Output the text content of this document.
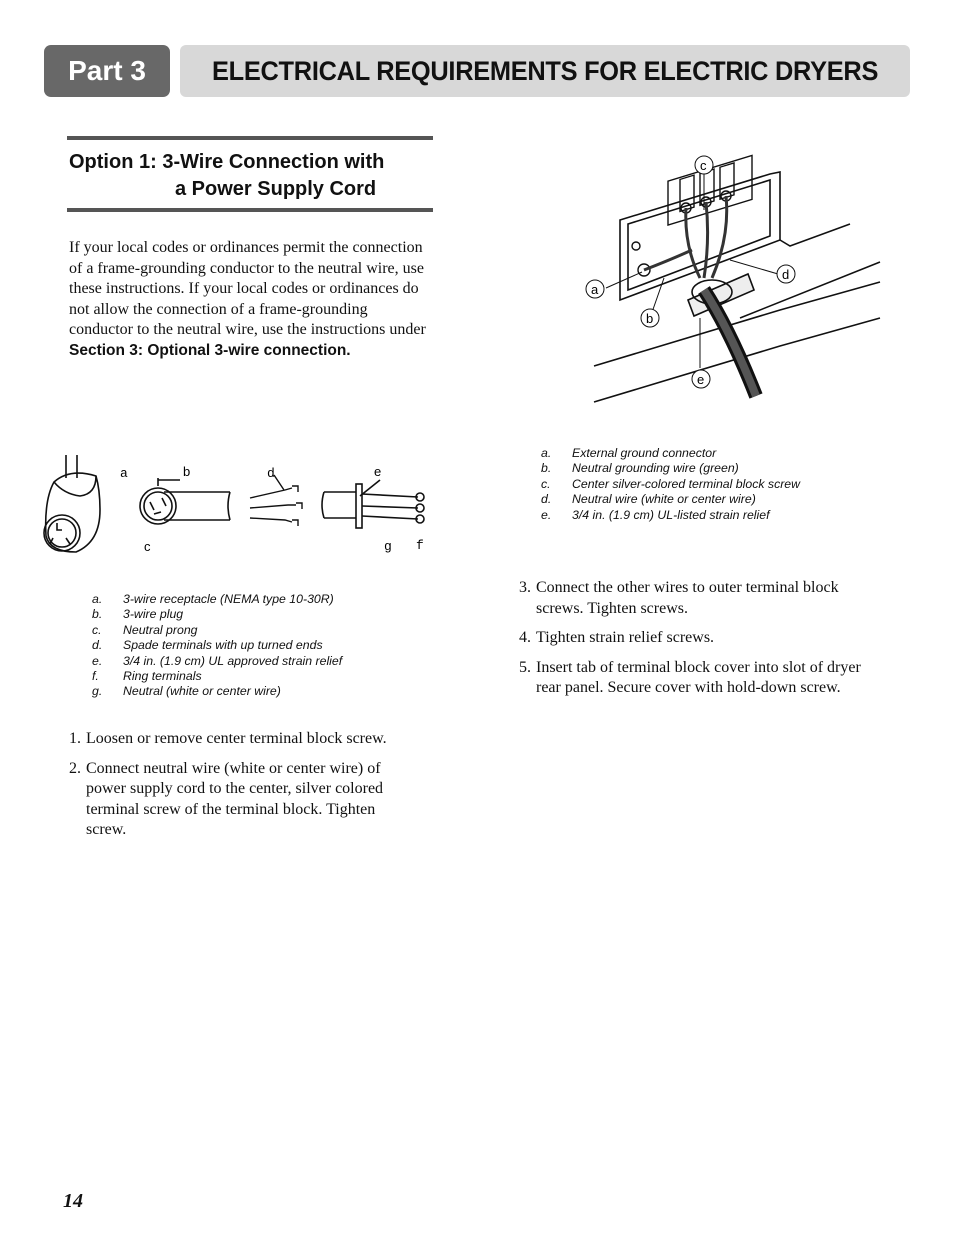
Part 3 ELECTRICAL REQUIREMENTS FOR ELECTRIC DRYERS
Option 1: 3-Wire Connection with
a Power Supply Cord
If your local codes or ordinances permit the connection of a frame-grounding conductor to the neutral wire, use these instructions. If your local codes or ordinances do not allow the connection of a frame-grounding conductor to the neutral wire, use the instructions under Section 3: Optional 3-wire connection.
a	b
c
d	e
g f
a.	3-wire receptacle (NEMA type 10-30R)
b.	3-wire plug
c.	Neutral prong
d.	Spade terminals with up turned ends
e.	3/4 in. (1.9 cm) UL approved strain relief
f.	Ring terminals
g.	Neutral (white or center wire)
1. Loosen or remove center terminal block screw.
2. Connect neutral wire (white or center wire) of power supply cord to the center, silver colored terminal screw of the terminal block. Tighten screw.
c
a
b
d
e
a.	External ground connector
b.	Neutral grounding wire (green)
c.	Center silver-colored terminal block screw
d.	Neutral wire (white or center wire)
e.	3/4 in. (1.9 cm) UL-listed strain relief
3. Connect the other wires to outer terminal block screws. Tighten screws.
4. Tighten strain relief screws.
5. Insert tab of terminal block cover into slot of dryer rear panel. Secure cover with hold-down screw.
14
